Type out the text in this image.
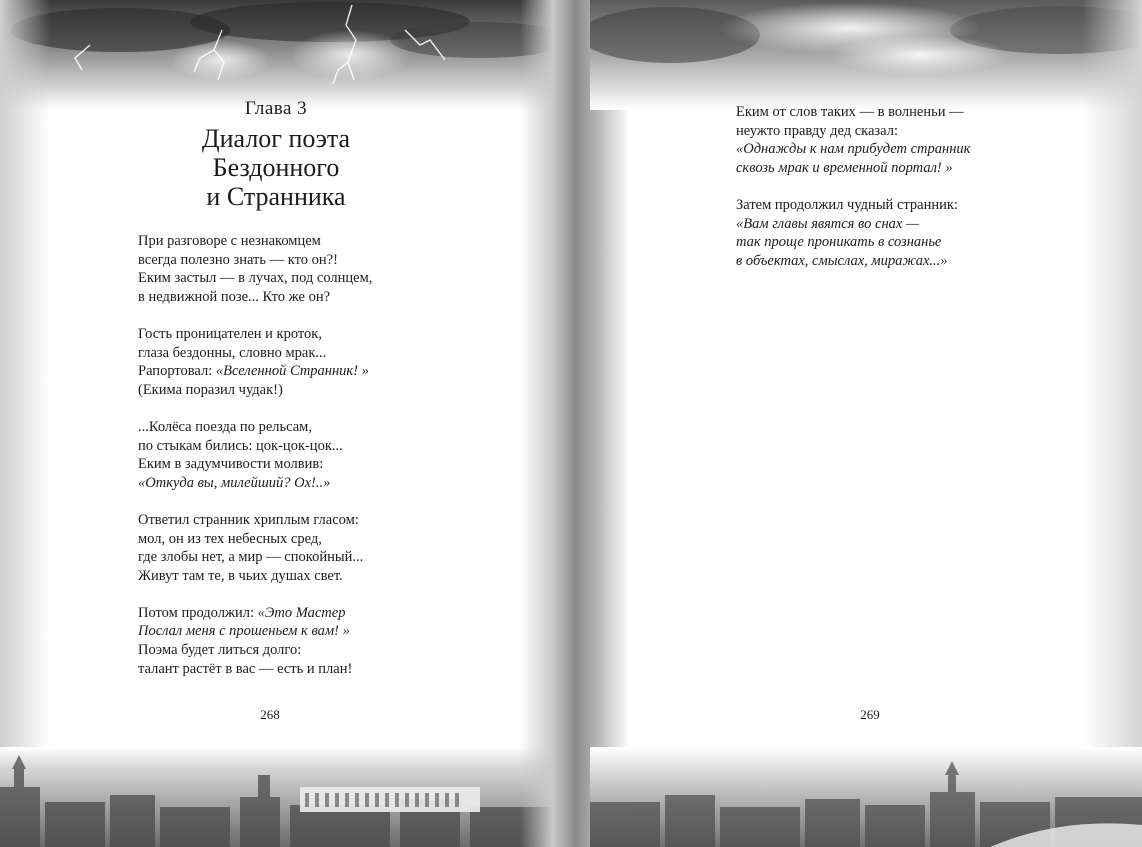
Глава 3
Диалог поэта
Бездонного
и Странника
При разговоре с незнакомцем
всегда полезно знать — кто он?!
Еким застыл — в лучах, под солнцем,
в недвижной позе... Кто же он?
Гость проницателен и кроток,
глаза бездонны, словно мрак...
Рапортовал: «Вселенной Странник! »
(Екима поразил чудак!)
...Колёса поезда по рельсам,
по стыкам бились: цок-цок-цок...
Еким в задумчивости молвив:
«Откуда вы, милейший? Ох!..»
Ответил странник хриплым гласом:
мол, он из тех небесных сред,
где злобы нет, а мир — спокойный...
Живут там те, в чьих душах свет.
Потом продолжил: «Это Мастер
Послал меня с прошеньем к вам! »
Поэма будет литься долго:
талант растёт в вас — есть и план!
268
Еким от слов таких — в волненьи —
неужто правду дед сказал:
«Однажды к нам прибудет странник
сквозь мрак и временной портал! »
Затем продолжил чудный странник:
«Вам главы явятся во снах —
так проще проникать в сознанье
в объектах, смыслах, миражах...»
269
